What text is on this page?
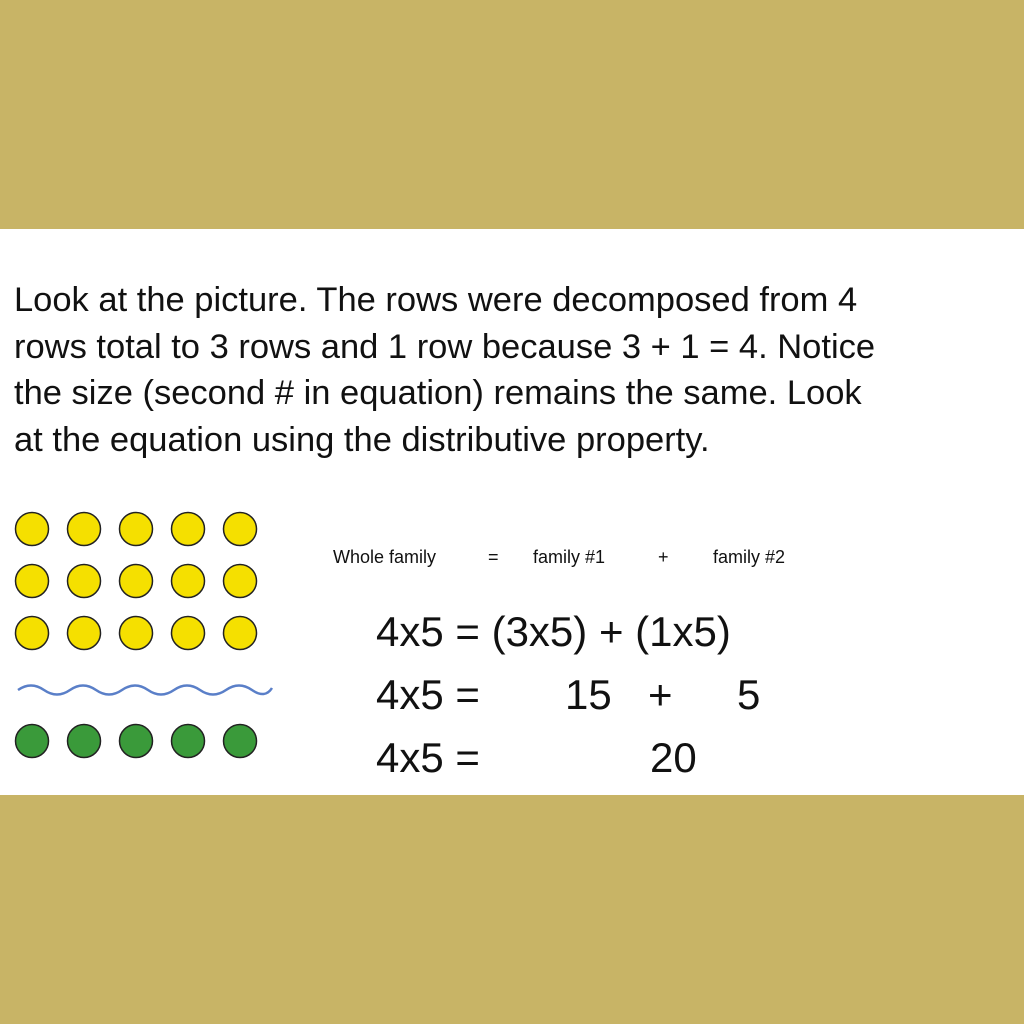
Look at the picture. The rows were decomposed from 4
rows total to 3 rows and 1 row because 3 + 1 = 4. Notice
the size (second # in equation) remains the same. Look
at the equation using the distributive property.

Whole family	= family #1	+ family #2
4x5 = (3x5) + (1x5)
4x5 = 15 + 5
4x5 =	20
